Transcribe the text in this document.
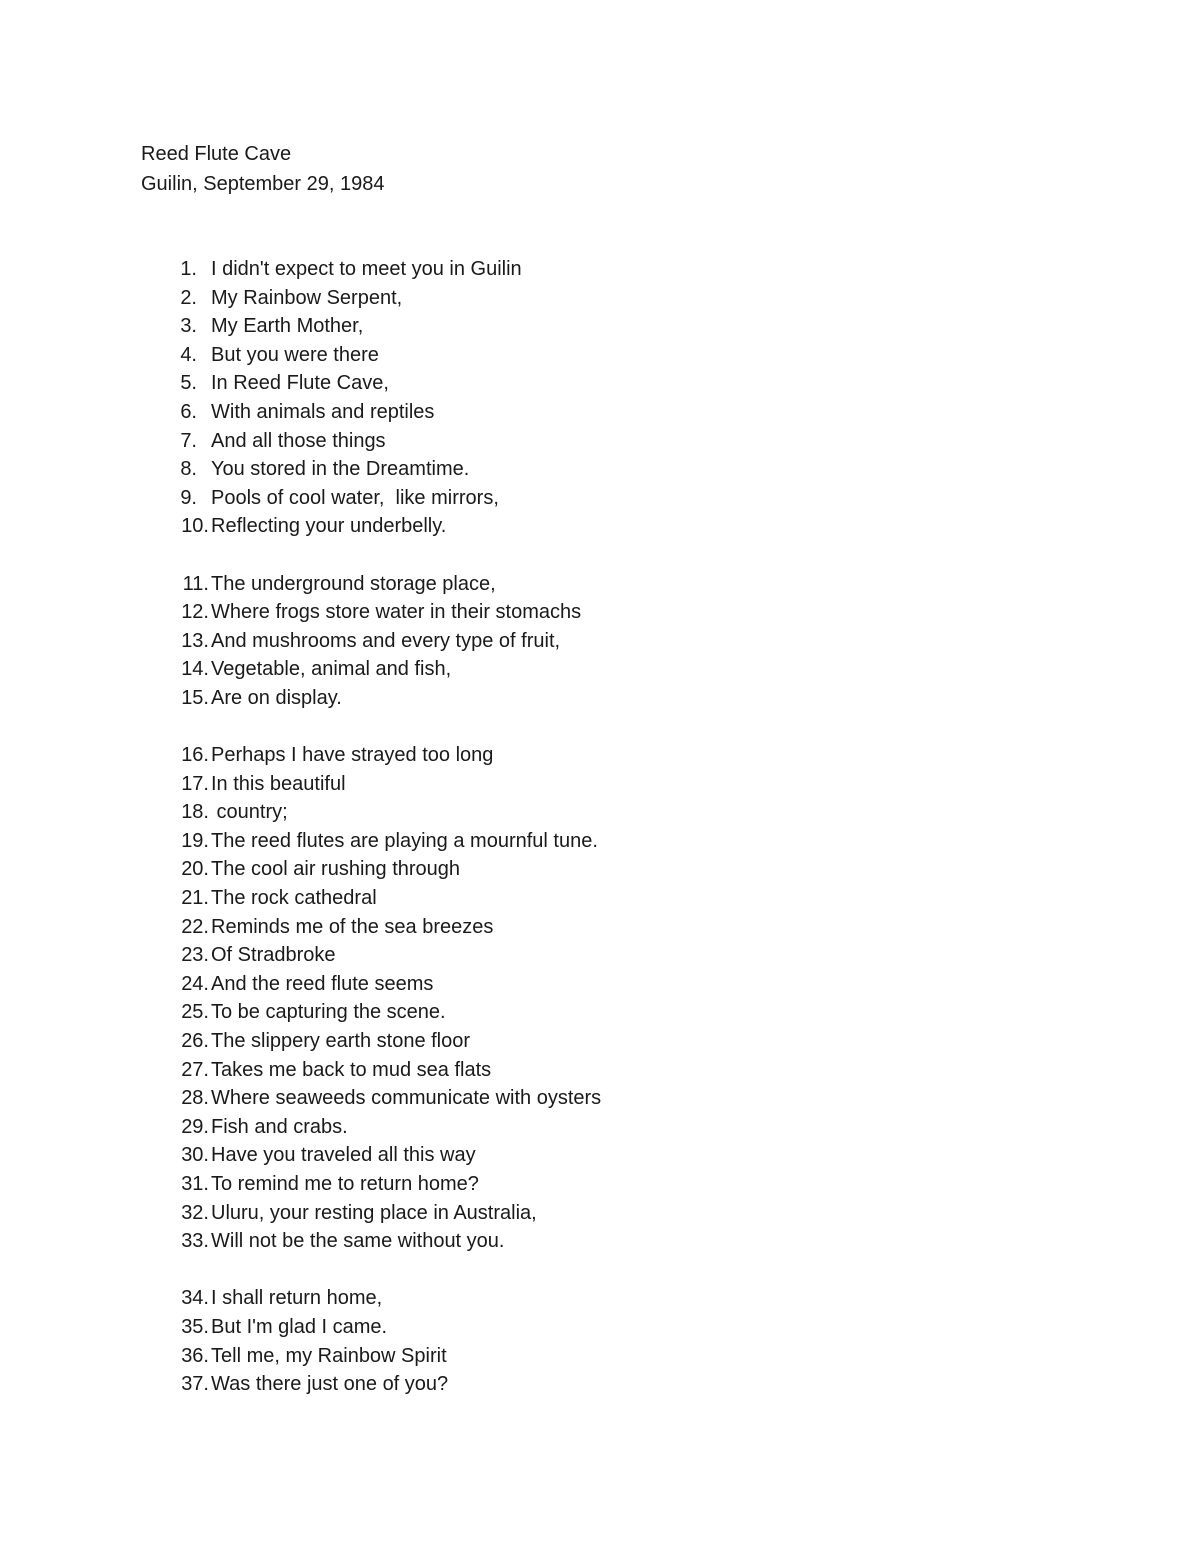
Reed Flute Cave

Guilin, September 29, 1984

1. I didn't expect to meet you in Guilin
2. My Rainbow Serpent,
3. My Earth Mother,
4. But you were there
5. In Reed Flute Cave,
6. With animals and reptiles
7. And all those things
8. You stored in the Dreamtime.
9. Pools of cool water,  like mirrors,
10. Reflecting your underbelly.
11. The underground storage place,
12. Where frogs store water in their stomachs
13. And mushrooms and every type of fruit,
14. Vegetable, animal and fish,
15. Are on display.
16. Perhaps I have strayed too long
17. In this beautiful
18. country;
19. The reed flutes are playing a mournful tune.
20. The cool air rushing through
21. The rock cathedral
22. Reminds me of the sea breezes
23. Of Stradbroke
24. And the reed flute seems
25. To be capturing the scene.
26. The slippery earth stone floor
27. Takes me back to mud sea flats
28. Where seaweeds communicate with oysters
29. Fish and crabs.
30. Have you traveled all this way
31. To remind me to return home?
32. Uluru, your resting place in Australia,
33. Will not be the same without you.
34. I shall return home,
35. But I'm glad I came.
36. Tell me, my Rainbow Spirit
37. Was there just one of you?
